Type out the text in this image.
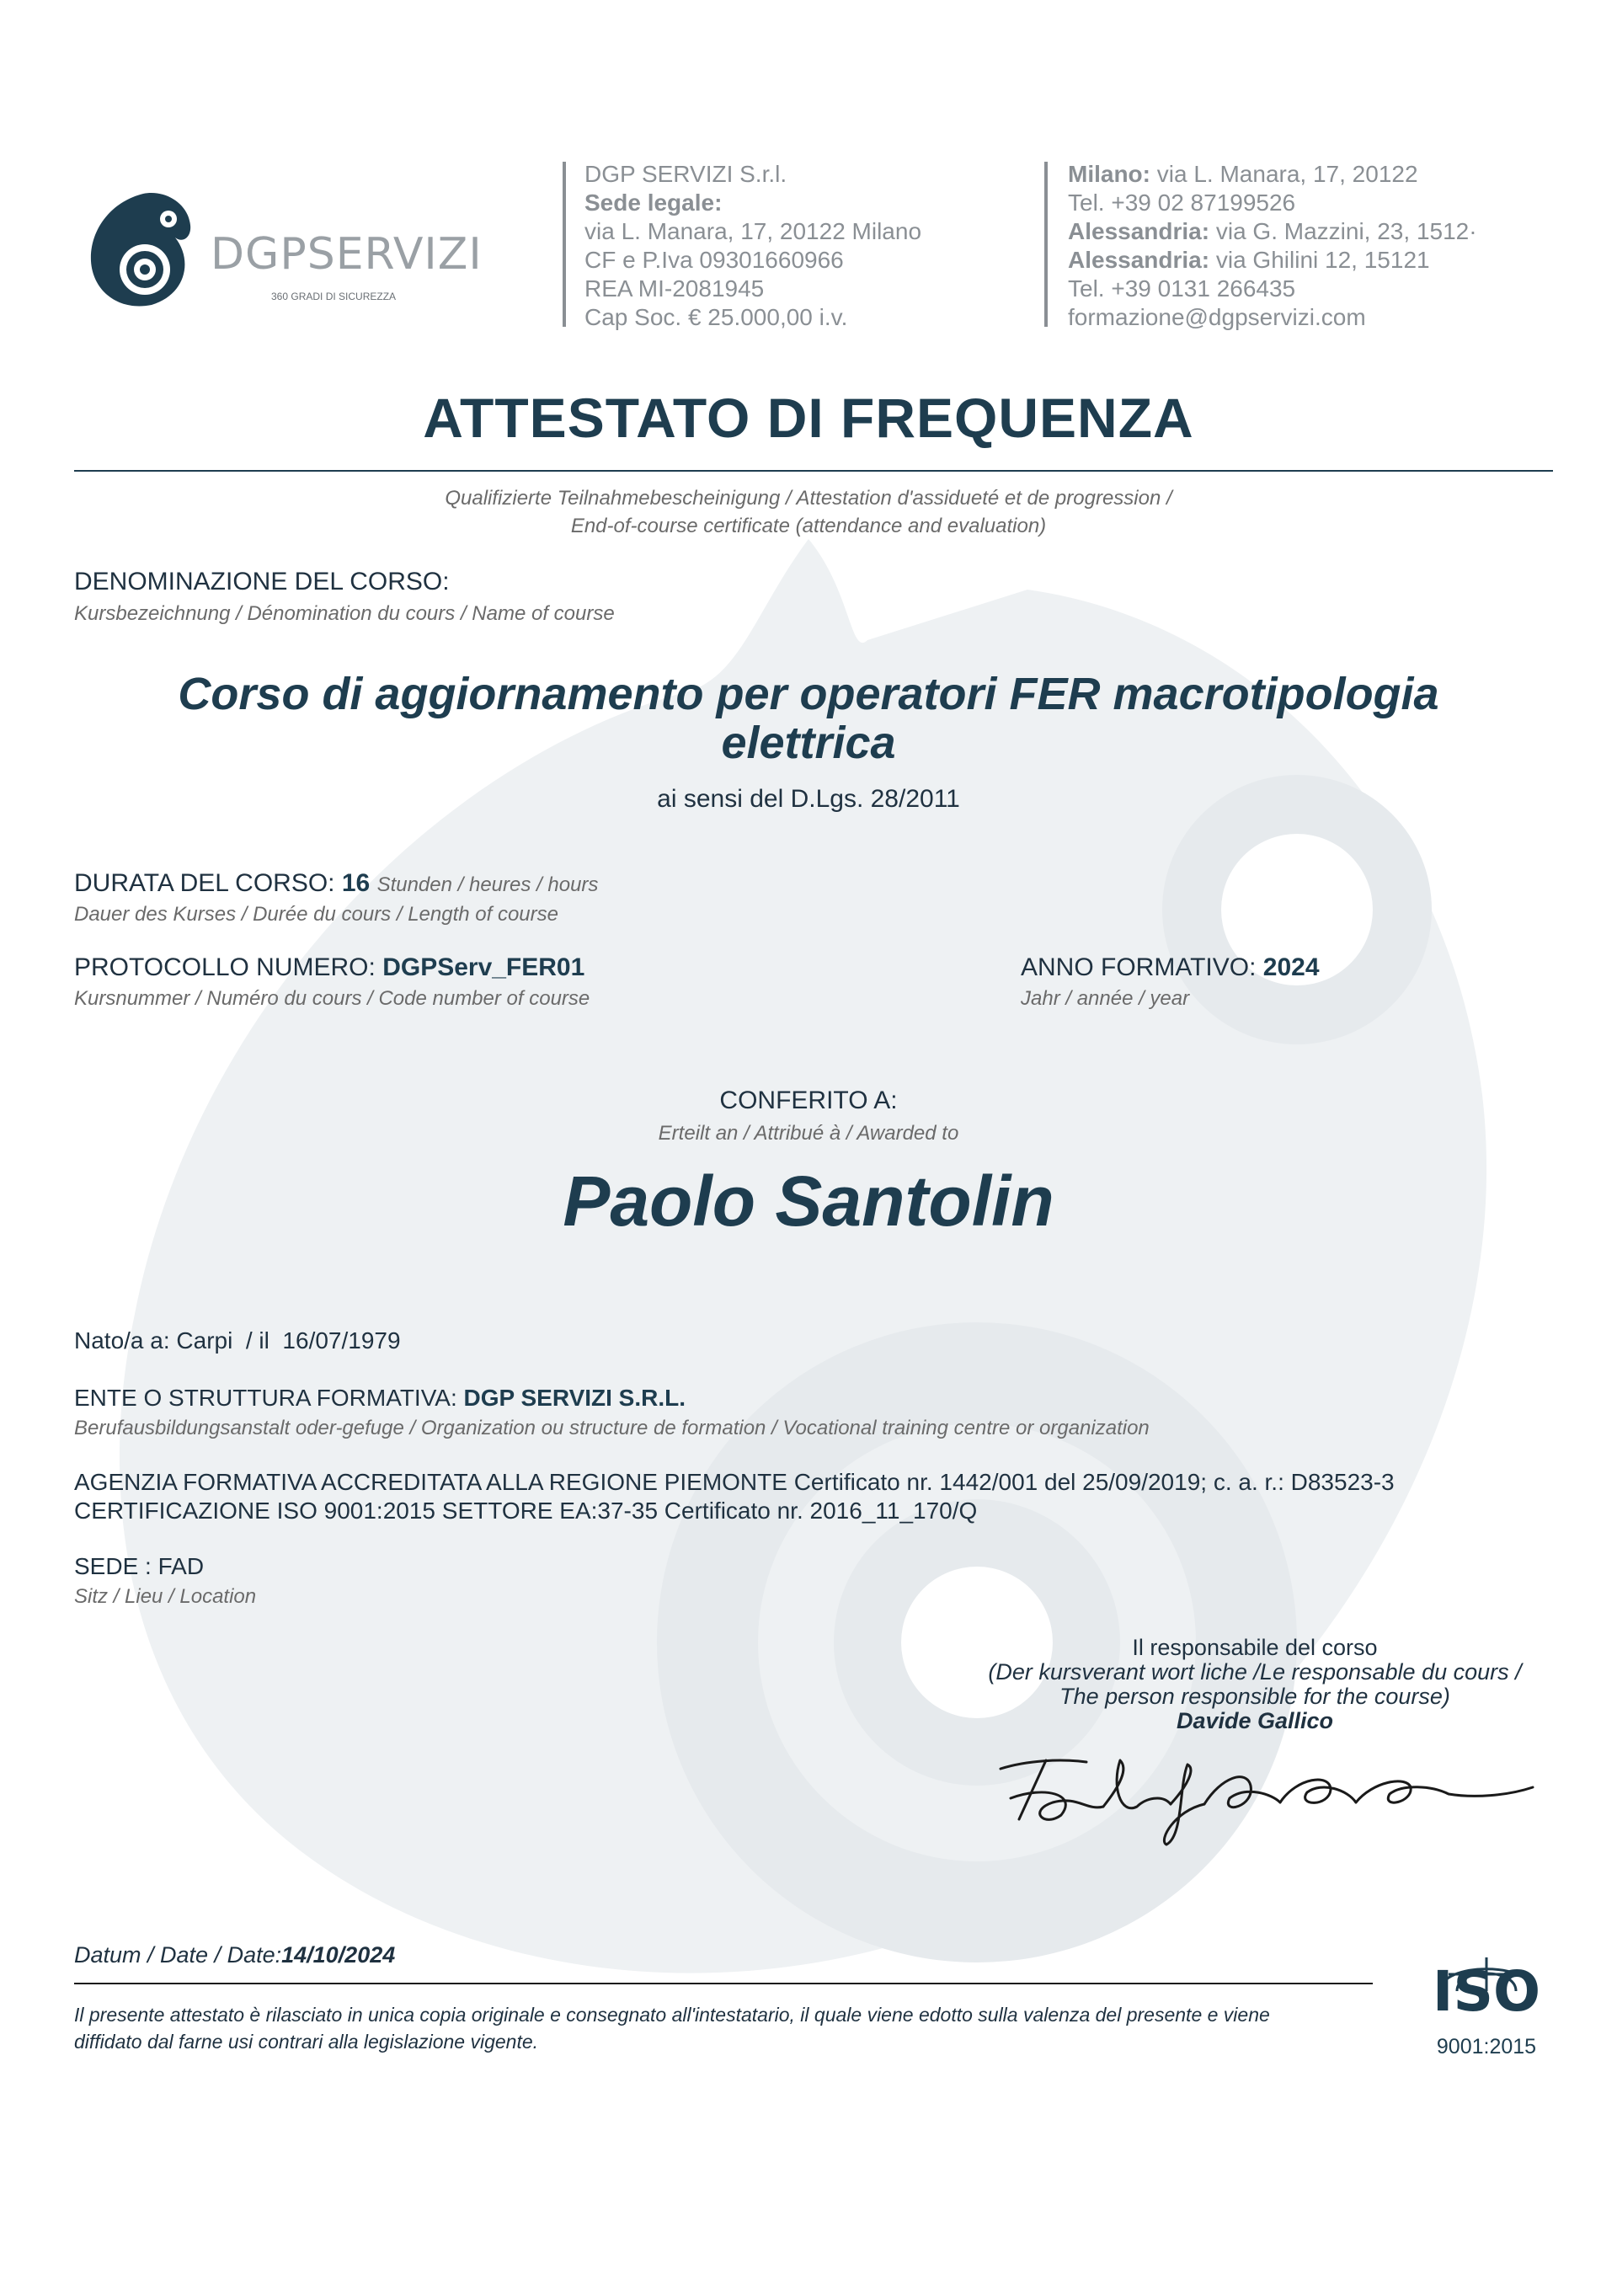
DGPSERVIZI
360 GRADI DI SICUREZZA
DGP SERVIZI S.r.l.
Sede legale:
via L. Manara, 17, 20122 Milano
CF e P.Iva 09301660966
REA MI-2081945
Cap Soc. € 25.000,00 i.v.
Milano: via L. Manara, 17, 20122
Tel. +39 02 87199526
Alessandria: via G. Mazzini, 23, 1512·
Alessandria: via Ghilini 12, 15121
Tel. +39 0131 266435
formazione@dgpservizi.com
ATTESTATO DI FREQUENZA
Qualifizierte Teilnahmebescheinigung / Attestation d'assiduеté et de progression /
End-of-course certificate (attendance and evaluation)
DENOMINAZIONE DEL CORSO:
Kursbezeichnung / Dénomination du cours / Name of course
Corso di aggiornamento per operatori FER macrotipologia elettrica
ai sensi del D.Lgs. 28/2011
DURATA DEL CORSO: 16 Stunden / heures / hours
Dauer des Kurses / Durée du cours / Length of course
PROTOCOLLO NUMERO: DGPServ_FER01
Kursnummer / Numéro du cours / Code number of course
ANNO FORMATIVO: 2024
Jahr / année / year
CONFERITO A:
Erteilt an / Attribué à / Awarded to
Paolo Santolin
Nato/a a: Carpi  / il  16/07/1979
ENTE O STRUTTURA FORMATIVA: DGP SERVIZI S.R.L.
Berufausbildungsanstalt oder-gefuge / Organization ou structure de formation / Vocational training centre or organization
AGENZIA FORMATIVA ACCREDITATA ALLA REGIONE PIEMONTE Certificato nr. 1442/001 del 25/09/2019; c. a. r.: D83523-3
CERTIFICAZIONE ISO 9001:2015 SETTORE EA:37-35 Certificato nr. 2016_11_170/Q
SEDE : FAD
Sitz / Lieu / Location
Il responsabile del corso
(Der kursverant wort liche /Le responsable du cours /
The person responsible for the course)
Davide Gallico
Datum / Date / Date:14/10/2024
Il presente attestato è rilasciato in unica copia originale e consegnato all'intestatario, il quale viene edotto sulla valenza del presente e viene
diffidato dal farne usi contrari alla legislazione vigente.
ISO
9001:2015
